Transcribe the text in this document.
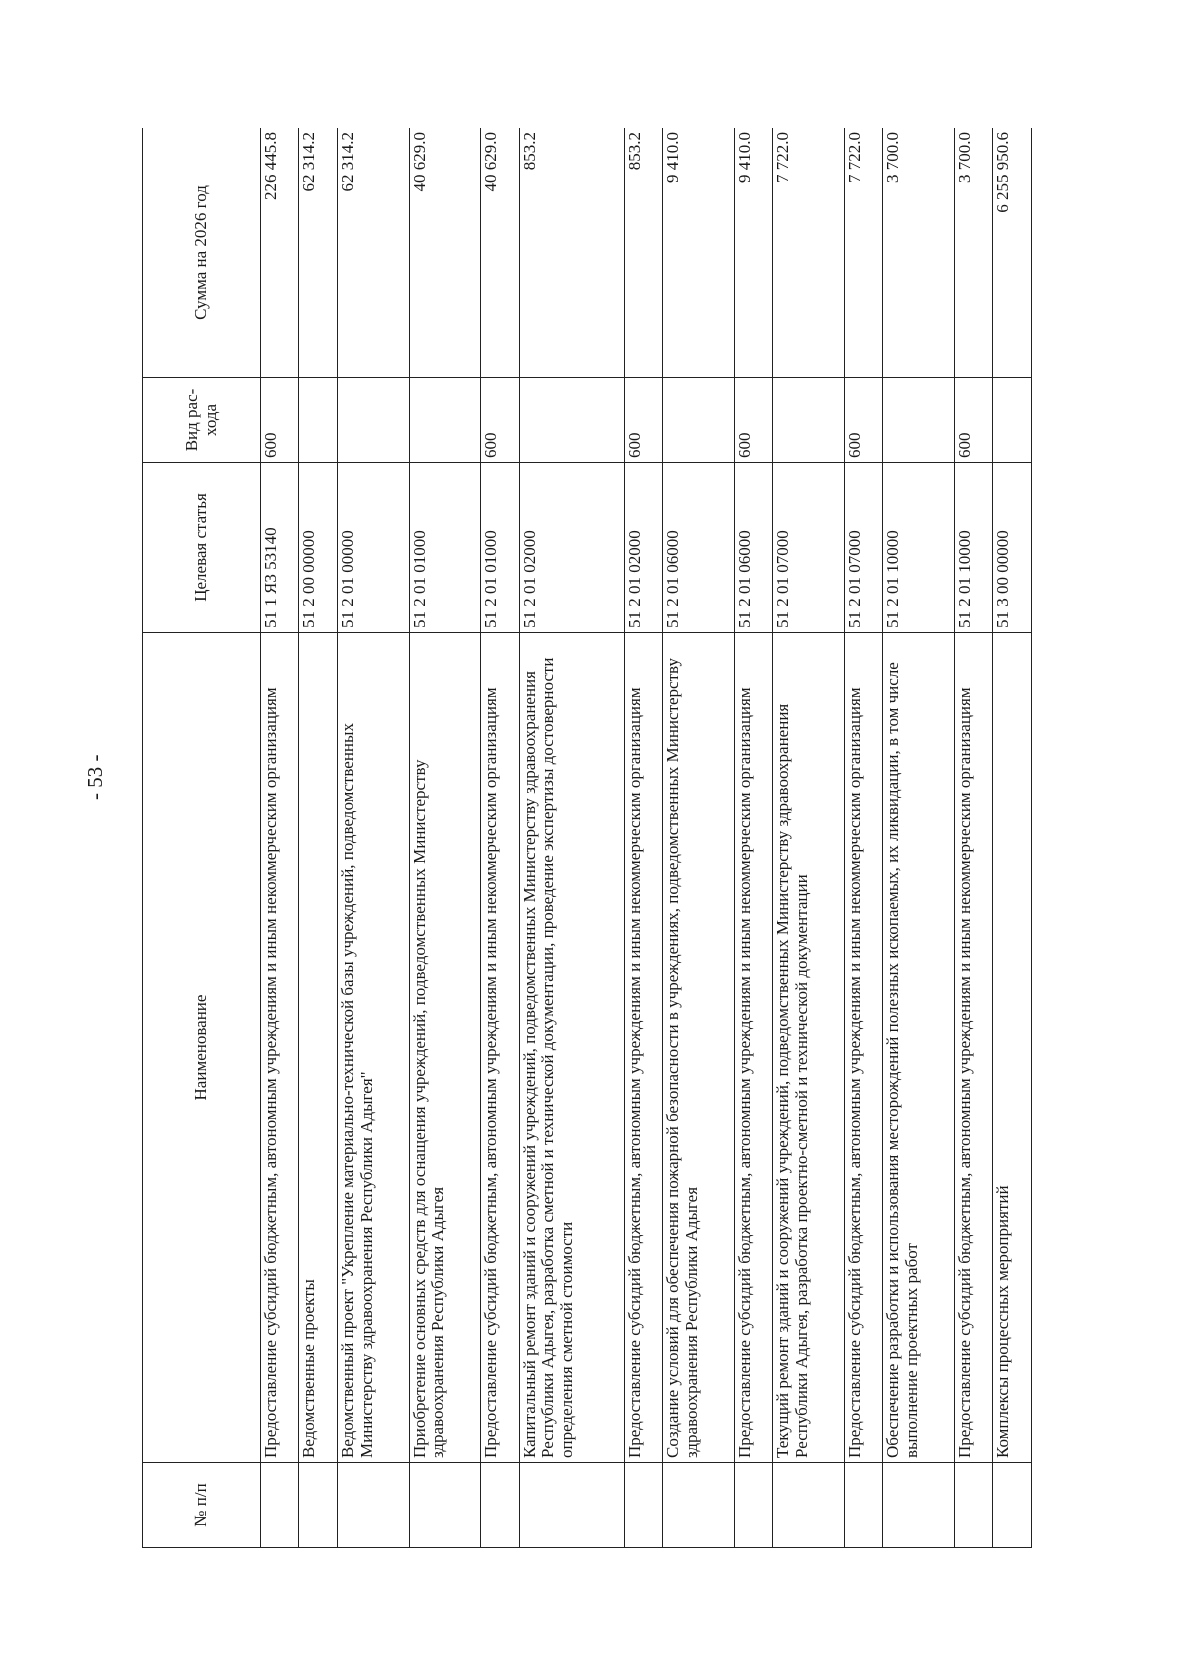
- 53 -
№ п/п	Наименование	Целевая статья	Вид рас- хода	Сумма на 2026 год
	Предоставление субсидий бюджетным, автономным учреждениям и иным некоммерческим организациям	51 1 Я3 53140	600	226 445.8
	Ведомственные проекты	51 2 00 00000		62 314.2
	Ведомственный проект "Укрепление материально-технической базы учреждений, подведомственных Министерству здравоохранения Республики Адыгея"	51 2 01 00000		62 314.2
	Приобретение основных средств для оснащения учреждений, подведомственных Министерству здравоохранения Республики Адыгея	51 2 01 01000		40 629.0
	Предоставление субсидий бюджетным, автономным учреждениям и иным некоммерческим организациям	51 2 01 01000	600	40 629.0
	Капитальный ремонт зданий и сооружений учреждений, подведомственных Министерству здравоохранения Республики Адыгея, разработка сметной и технической документации, проведение экспертизы достоверности определения сметной стоимости	51 2 01 02000		853.2
	Предоставление субсидий бюджетным, автономным учреждениям и иным некоммерческим организациям	51 2 01 02000	600	853.2
	Создание условий для обеспечения пожарной безопасности в учреждениях, подведомственных Министерству здравоохранения Республики Адыгея	51 2 01 06000		9 410.0
	Предоставление субсидий бюджетным, автономным учреждениям и иным некоммерческим организациям	51 2 01 06000	600	9 410.0
	Текущий ремонт зданий и сооружений учреждений, подведомственных Министерству здравоохранения Республики Адыгея, разработка проектно-сметной и технической документации	51 2 01 07000		7 722.0
	Предоставление субсидий бюджетным, автономным учреждениям и иным некоммерческим организациям	51 2 01 07000	600	7 722.0
	Обеспечение разработки и использования месторождений полезных ископаемых, их ликвидации, в том числе выполнение проектных работ	51 2 01 10000		3 700.0
	Предоставление субсидий бюджетным, автономным учреждениям и иным некоммерческим организациям	51 2 01 10000	600	3 700.0
	Комплексы процессных мероприятий	51 3 00 00000		6 255 950.6
